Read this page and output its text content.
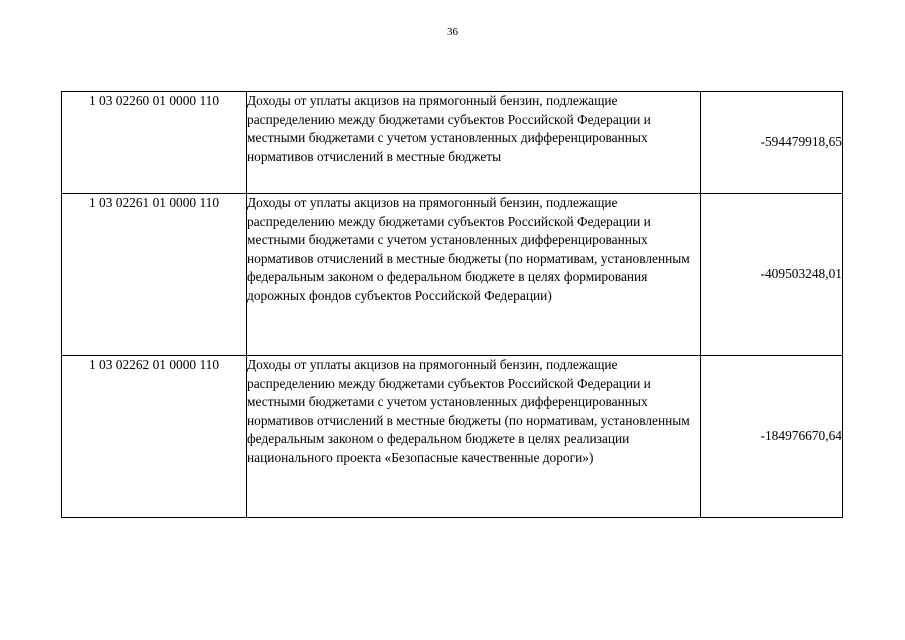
36
1 03 02260 01 0000 110	Доходы от уплаты акцизов на прямогонный бензин, подлежащие распределению между бюджетами субъектов Российской Федерации и местными бюджетами с учетом установленных дифференцированных нормативов отчислений в местные бюджеты	-594479918,65
1 03 02261 01 0000 110	Доходы от уплаты акцизов на прямогонный бензин, подлежащие распределению между бюджетами субъектов Российской Федерации и местными бюджетами с учетом установленных дифференцированных нормативов отчислений в местные бюджеты (по нормативам, установленным федеральным законом о федеральном бюджете в целях формирования дорожных фондов субъектов Российской Федерации)	-409503248,01
1 03 02262 01 0000 110	Доходы от уплаты акцизов на прямогонный бензин, подлежащие распределению между бюджетами субъектов Российской Федерации и местными бюджетами с учетом установленных дифференцированных нормативов отчислений в местные бюджеты (по нормативам, установленным федеральным законом о федеральном бюджете в целях реализации национального проекта «Безопасные качественные дороги»)	-184976670,64
